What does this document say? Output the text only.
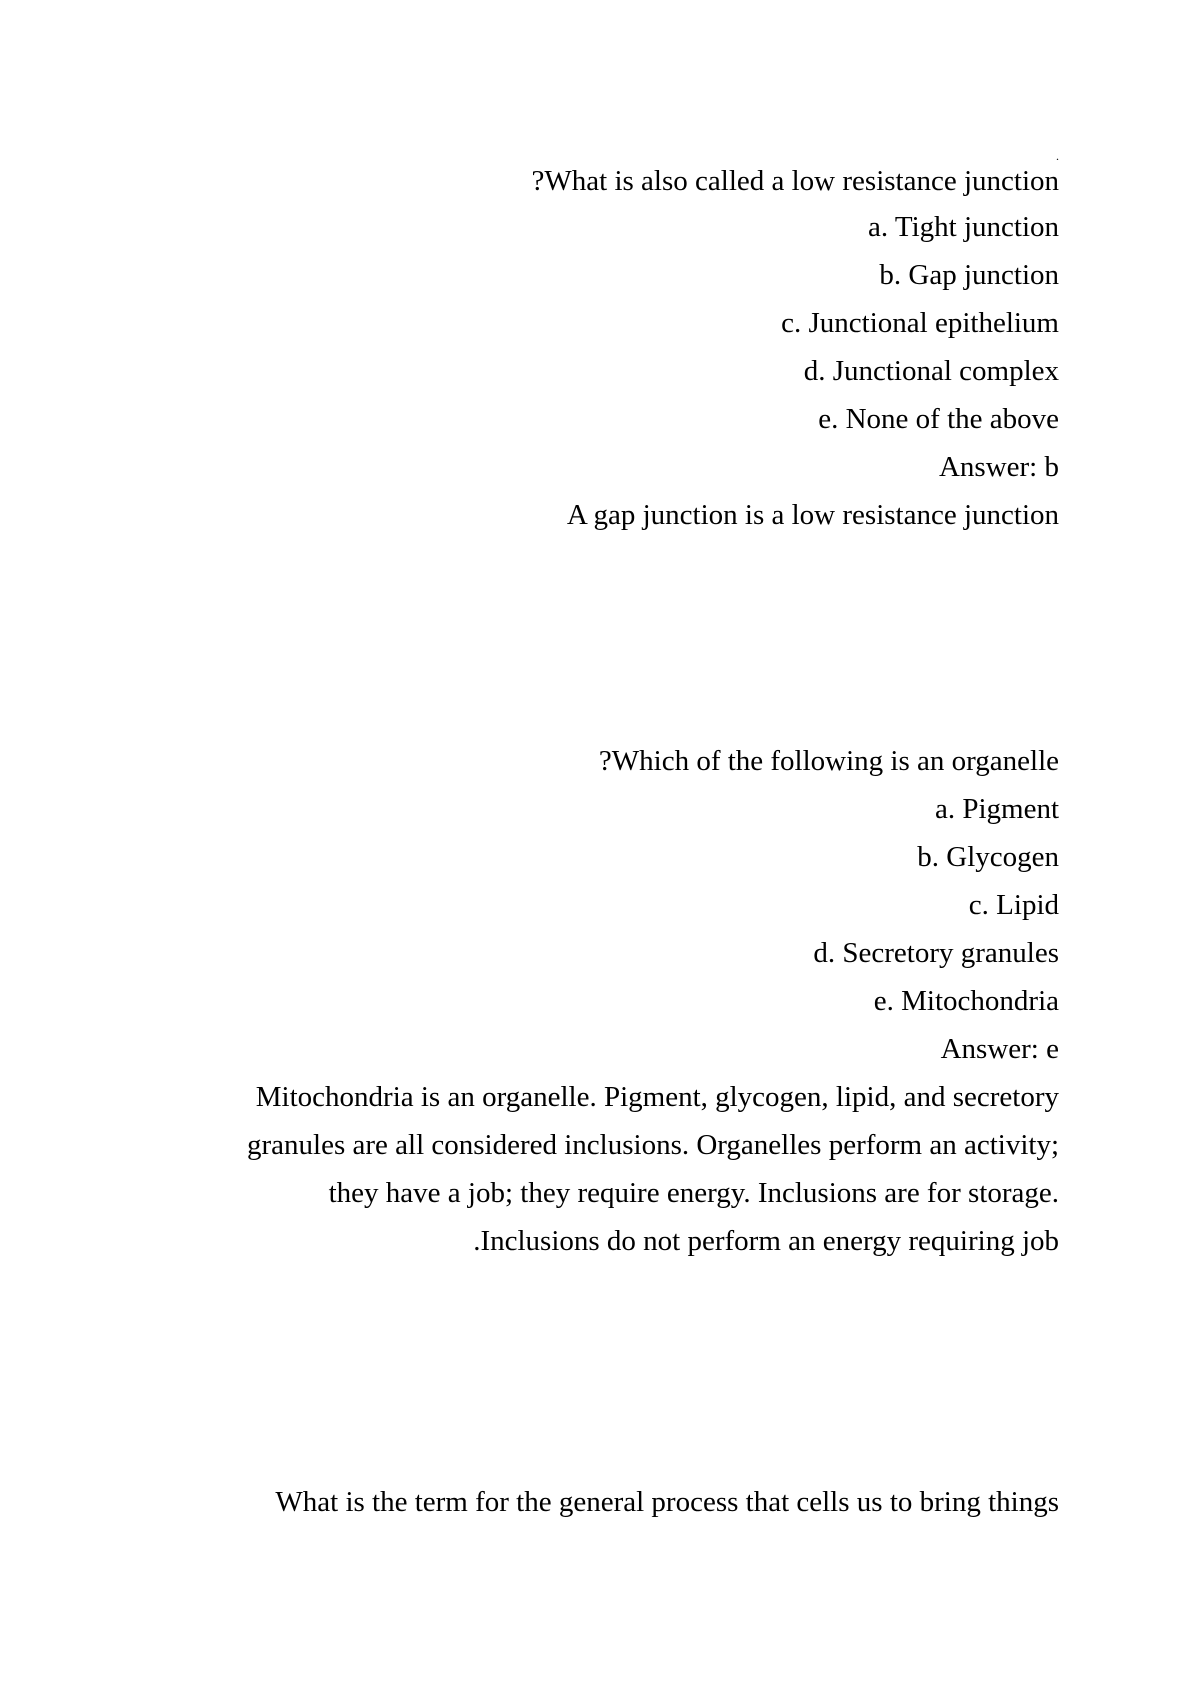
.
?What is also called a low resistance junction
a. Tight junction
b. Gap junction
c. Junctional epithelium
d. Junctional complex
e. None of the above
Answer: b
A gap junction is a low resistance junction
?Which of the following is an organelle
a. Pigment
b. Glycogen
c. Lipid
d. Secretory granules
e. Mitochondria
Answer: e
Mitochondria is an organelle. Pigment, glycogen, lipid, and secretory
granules are all considered inclusions. Organelles perform an activity;
they have a job; they require energy. Inclusions are for storage.
.Inclusions do not perform an energy requiring job
What is the term for the general process that cells us to bring things
